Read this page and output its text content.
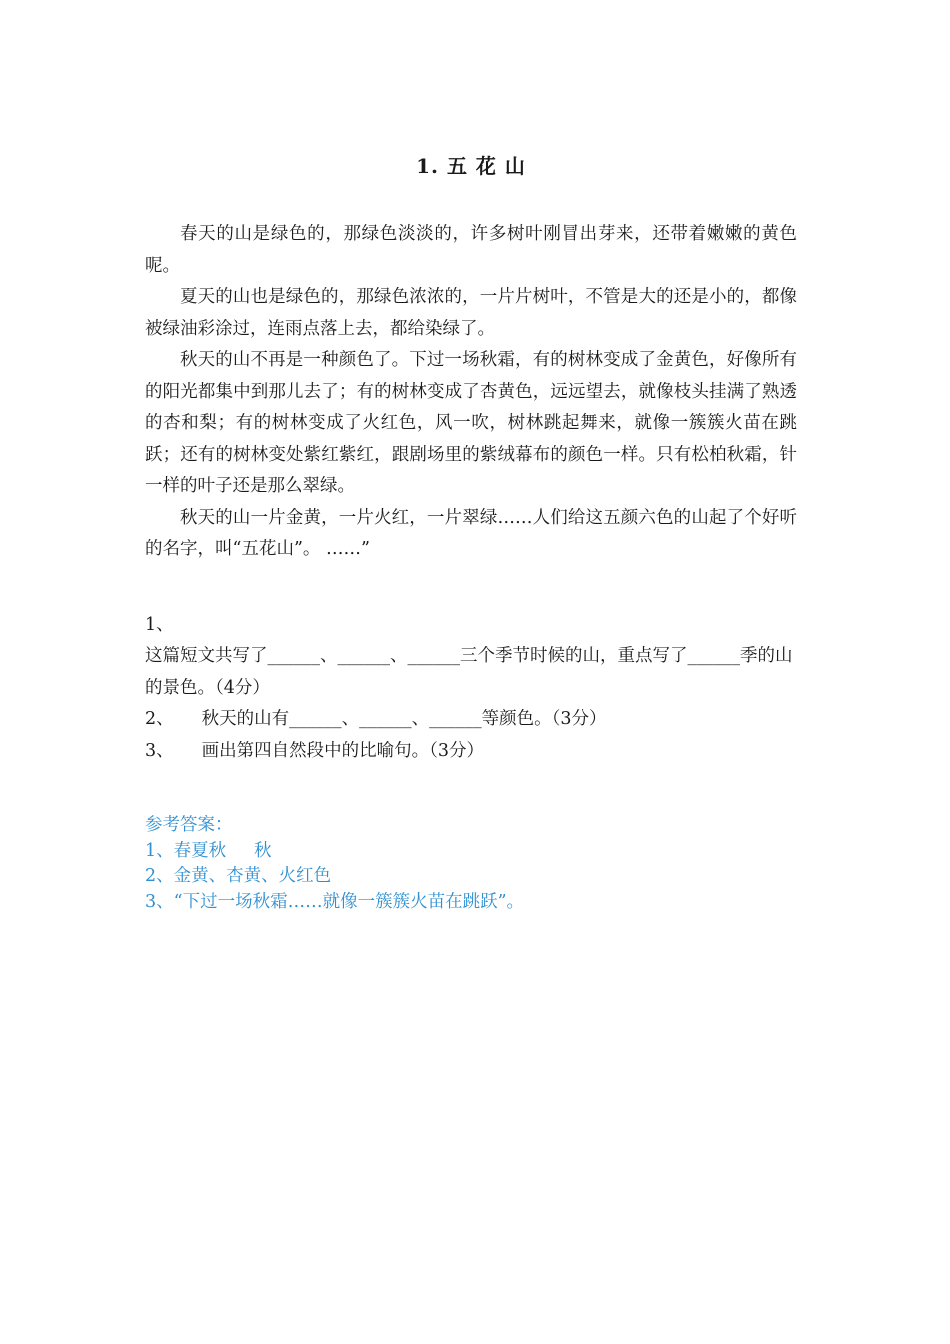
1. 五 花 山

春天的山是绿色的，那绿色淡淡的，许多树叶刚冒出芽来，还带着嫩嫩的黄色呢。

夏天的山也是绿色的，那绿色浓浓的，一片片树叶，不管是大的还是小的，都像被绿油彩涂过，连雨点落上去，都给染绿了。

秋天的山不再是一种颜色了。下过一场秋霜，有的树林变成了金黄色，好像所有的阳光都集中到那儿去了；有的树林变成了杏黄色，远远望去，就像枝头挂满了熟透的杏和梨；有的树林变成了火红色，风一吹，树林跳起舞来，就像一簇簇火苗在跳跃；还有的树林变处紫红紫红，跟剧场里的紫绒幕布的颜色一样。只有松柏秋霜，针一样的叶子还是那么翠绿。

秋天的山一片金黄，一片火红，一片翠绿……人们给这五颜六色的山起了个好听的名字，叫“五花山”。 ……”

1、

这篇短文共写了______、______、______三个季节时候的山，重点写了______季的山的景色。（4分）

2、 秋天的山有______、______、______等颜色。（3分）

3、 画出第四自然段中的比喻句。（3分）

参考答案：

1、春夏秋     秋

2、金黄、杏黄、火红色

3、“下过一场秋霜……就像一簇簇火苗在跳跃”。
